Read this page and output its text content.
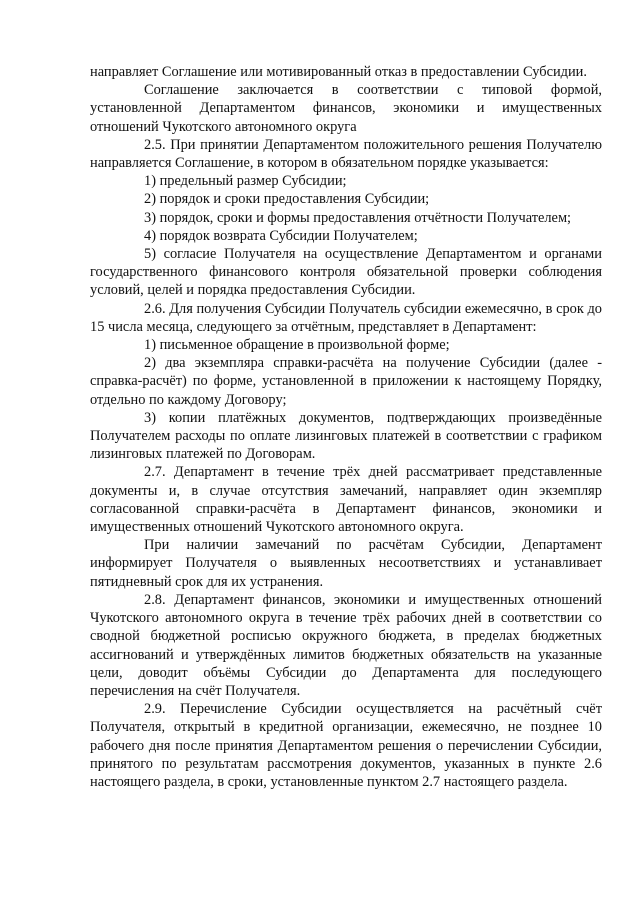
направляет Соглашение или мотивированный отказ в предоставлении Субсидии.

Соглашение заключается в соответствии с типовой формой, установленной Департаментом финансов, экономики и имущественных отношений Чукотского автономного округа

2.5. При принятии Департаментом положительного решения Получателю направляется Соглашение, в котором в обязательном порядке указывается:

1) предельный размер Субсидии;

2) порядок и сроки предоставления Субсидии;

3) порядок, сроки и формы предоставления отчётности Получателем;

4) порядок возврата Субсидии Получателем;

5) согласие Получателя на осуществление Департаментом и органами государственного финансового контроля обязательной проверки соблюдения условий, целей и порядка предоставления Субсидии.

2.6. Для получения Субсидии Получатель субсидии ежемесячно, в срок до 15 числа месяца, следующего за отчётным, представляет в Департамент:

1) письменное обращение в произвольной форме;

2) два экземпляра справки-расчёта на получение Субсидии (далее - справка-расчёт) по форме, установленной в приложении к настоящему Порядку, отдельно по каждому Договору;

3) копии платёжных документов, подтверждающих произведённые Получателем расходы по оплате лизинговых платежей в соответствии с графиком лизинговых платежей по Договорам.

2.7. Департамент в течение трёх дней рассматривает представленные документы и, в случае отсутствия замечаний, направляет один экземпляр согласованной справки-расчёта в Департамент финансов, экономики и имущественных отношений Чукотского автономного округа.

При наличии замечаний по расчётам Субсидии, Департамент информирует Получателя о выявленных несоответствиях и устанавливает пятидневный срок для их устранения.

2.8. Департамент финансов, экономики и имущественных отношений Чукотского автономного округа в течение трёх рабочих дней в соответствии со сводной бюджетной росписью окружного бюджета, в пределах бюджетных ассигнований и утверждённых лимитов бюджетных обязательств на указанные цели, доводит объёмы Субсидии до Департамента для последующего перечисления на счёт Получателя.

2.9. Перечисление Субсидии осуществляется на расчётный счёт Получателя, открытый в кредитной организации, ежемесячно, не позднее 10 рабочего дня после принятия Департаментом решения о перечислении Субсидии, принятого по результатам рассмотрения документов, указанных в пункте 2.6 настоящего раздела, в сроки, установленные пунктом 2.7 настоящего раздела.
